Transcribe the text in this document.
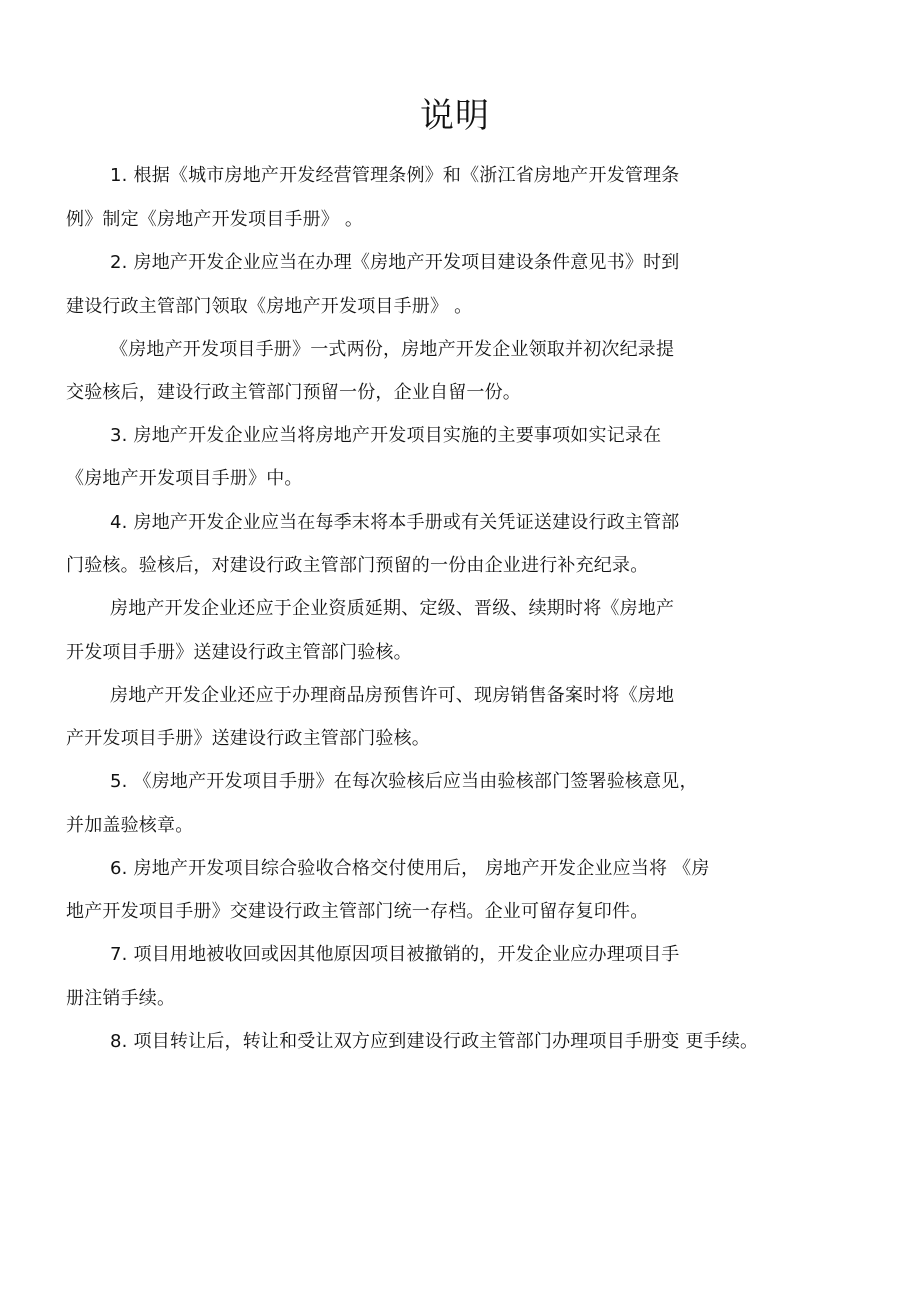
说明
1. 根据《城市房地产开发经营管理条例》和《浙江省房地产开发管理条
例》制定《房地产开发项目手册》 。
2. 房地产开发企业应当在办理《房地产开发项目建设条件意见书》时到
建设行政主管部门领取《房地产开发项目手册》 。
《房地产开发项目手册》一式两份，房地产开发企业领取并初次纪录提
交验核后，建设行政主管部门预留一份，企业自留一份。
3. 房地产开发企业应当将房地产开发项目实施的主要事项如实记录在
《房地产开发项目手册》中。
4. 房地产开发企业应当在每季末将本手册或有关凭证送建设行政主管部
门验核。验核后，对建设行政主管部门预留的一份由企业进行补充纪录。
房地产开发企业还应于企业资质延期、定级、晋级、续期时将《房地产
开发项目手册》送建设行政主管部门验核。
房地产开发企业还应于办理商品房预售许可、现房销售备案时将《房地
产开发项目手册》送建设行政主管部门验核。
5. 《房地产开发项目手册》在每次验核后应当由验核部门签署验核意见，
并加盖验核章。
6. 房地产开发项目综合验收合格交付使用后， 房地产开发企业应当将 《房
地产开发项目手册》交建设行政主管部门统一存档。企业可留存复印件。
7. 项目用地被收回或因其他原因项目被撤销的，开发企业应办理项目手
册注销手续。
8. 项目转让后，转让和受让双方应到建设行政主管部门办理项目手册变 更手续。
